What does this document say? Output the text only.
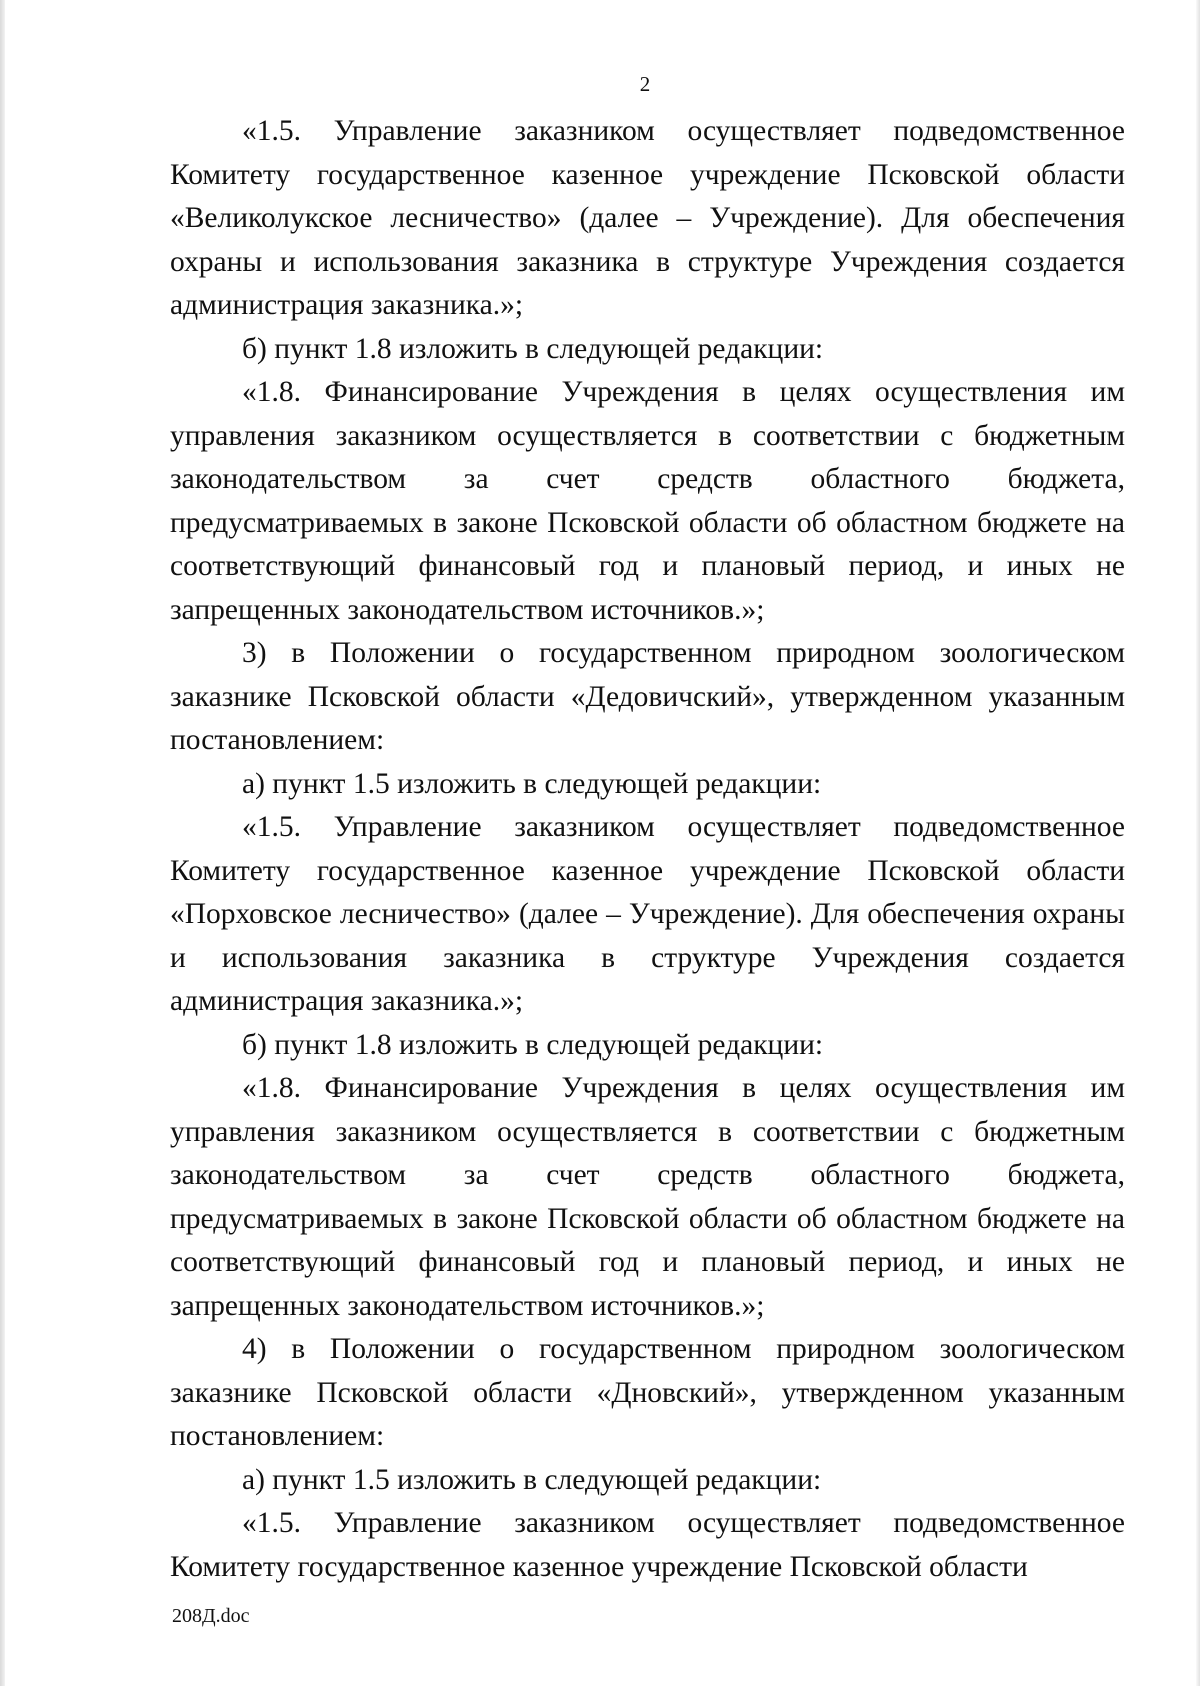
2

«1.5. Управление заказником осуществляет подведомственное Комитету государственное казенное учреждение Псковской области «Великолукское лесничество» (далее – Учреждение). Для обеспечения охраны и использования заказника в структуре Учреждения создается администрация заказника.»;

б) пункт 1.8 изложить в следующей редакции:

«1.8. Финансирование Учреждения в целях осуществления им управления заказником осуществляется в соответствии с бюджетным законодательством за счет средств областного бюджета, предусматриваемых в законе Псковской области об областном бюджете на соответствующий финансовый год и плановый период, и иных не запрещенных законодательством источников.»;

3) в Положении о государственном природном зоологическом заказнике Псковской области «Дедовичский», утвержденном указанным постановлением:

а) пункт 1.5 изложить в следующей редакции:

«1.5. Управление заказником осуществляет подведомственное Комитету государственное казенное учреждение Псковской области «Порховское лесничество» (далее – Учреждение). Для обеспечения охраны и использования заказника в структуре Учреждения создается администрация заказника.»;

б) пункт 1.8 изложить в следующей редакции:

«1.8. Финансирование Учреждения в целях осуществления им управления заказником осуществляется в соответствии с бюджетным законодательством за счет средств областного бюджета, предусматриваемых в законе Псковской области об областном бюджете на соответствующий финансовый год и плановый период, и иных не запрещенных законодательством источников.»;

4) в Положении о государственном природном зоологическом заказнике Псковской области «Дновский», утвержденном указанным постановлением:

а) пункт 1.5 изложить в следующей редакции:

«1.5. Управление заказником осуществляет подведомственное Комитету государственное казенное учреждение Псковской области

208Д.doc
